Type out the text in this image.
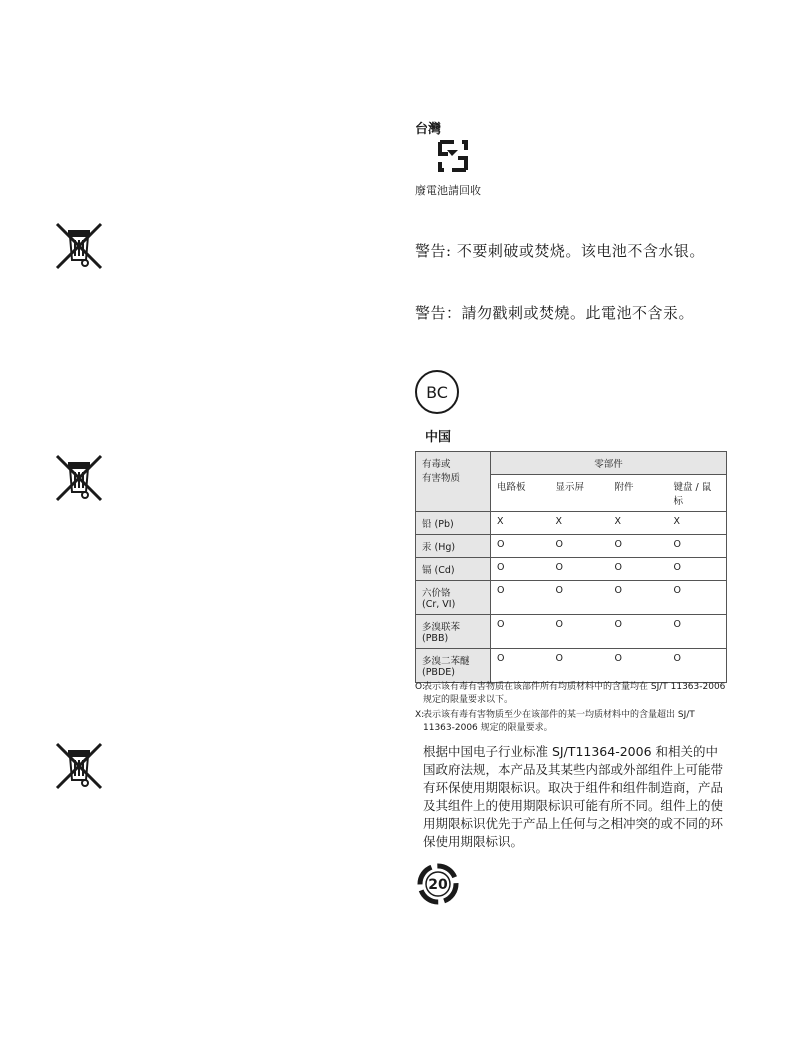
台灣
廢電池請回收
警告: 不要刺破或焚烧。该电池不含水银。
警告：請勿戳刺或焚燒。此電池不含汞。
BC
中国
有毒或
有害物质	零部件			
	电路板	显示屏	附件	键盘 / 鼠标
铅 (Pb)	X	X	X	X
汞 (Hg)	O	O	O	O
镉 (Cd)	O	O	O	O
六价铬
(Cr, VI)	O	O	O	O
多溴联苯
(PBB)	O	O	O	O
多溴二苯醚
(PBDE)	O	O	O	O
O:
表示该有毒有害物质在该部件所有均质材料中的含量均在 SJ/T 11363-2006 规定的限量要求以下。
X:
表示该有毒有害物质至少在该部件的某一均质材料中的含量超出 SJ/T 11363-2006 规定的限量要求。
根据中国电子行业标准 SJ/T11364-2006 和相关的中国政府法规，本产品及其某些内部或外部组件上可能带有环保使用期限标识。取决于组件和组件制造商，产品及其组件上的使用期限标识可能有所不同。组件上的使用期限标识优先于产品上任何与之相冲突的或不同的环保使用期限标识。
20
